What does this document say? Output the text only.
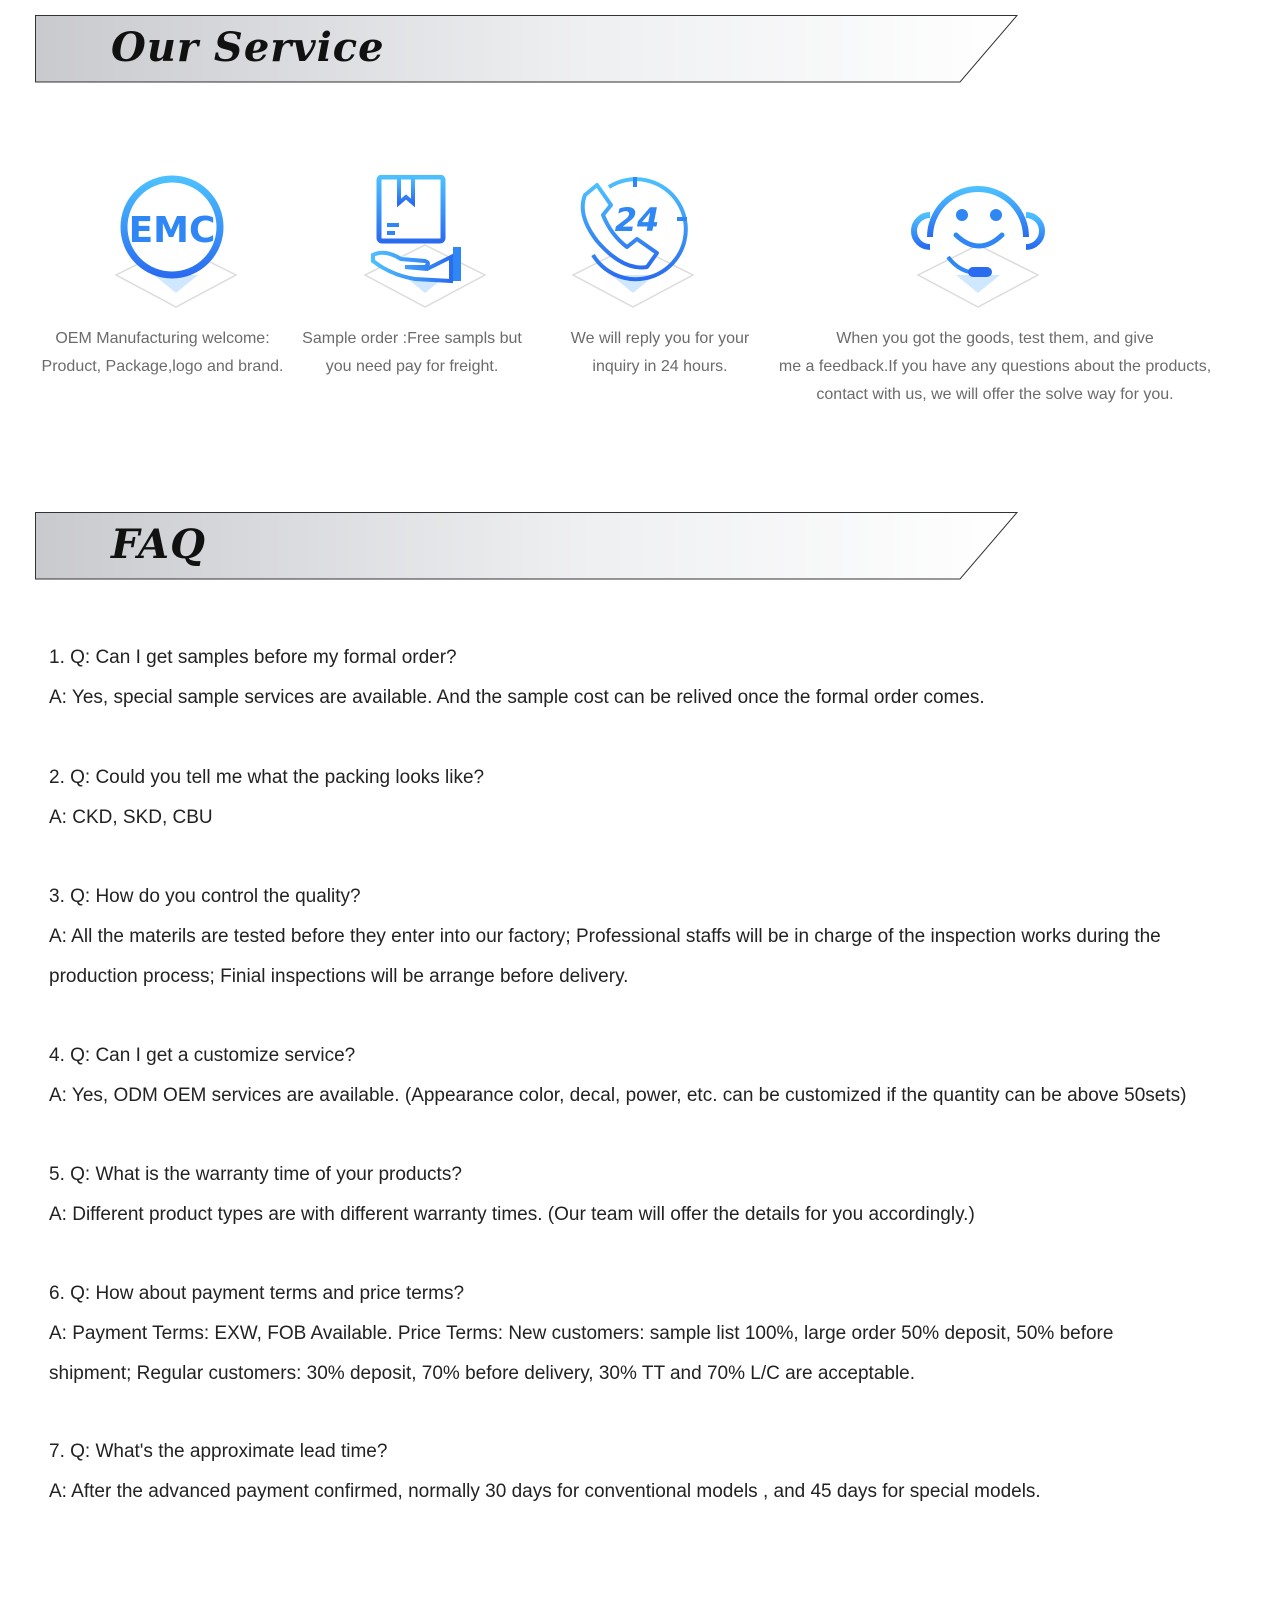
Our Service
EMC
OEM Manufacturing welcome:
Product, Package,logo and brand.
Sample order :Free sampls but
you need pay for freight.
24
We will reply you for your
inquiry in 24 hours.
When you got the goods, test them, and give
me a feedback.If you have any questions about the products,
contact with us, we will offer the solve way for you.
FAQ
1. Q: Can I get samples before my formal order?
A: Yes, special sample services are available. And the sample cost can be relived once the formal order comes.
2. Q: Could you tell me what the packing looks like?
A: CKD, SKD, CBU
3. Q: How do you control the quality?
A: All the materils are tested before they enter into our factory; Professional staffs will be in charge of the inspection works during the
production process; Finial inspections will be arrange before delivery.
4. Q: Can I get a customize service?
A: Yes, ODM OEM services are available. (Appearance color, decal, power, etc. can be customized if the quantity can be above 50sets)
5. Q: What is the warranty time of your products?
A: Different product types are with different warranty times. (Our team will offer the details for you accordingly.)
6. Q: How about payment terms and price terms?
A: Payment Terms: EXW, FOB Available. Price Terms: New customers: sample list 100%, large order 50% deposit, 50% before
shipment; Regular customers: 30% deposit, 70% before delivery, 30% TT and 70% L/C are acceptable.
7. Q: What's the approximate lead time?
A: After the advanced payment confirmed, normally 30 days for conventional models , and 45 days for special models.
